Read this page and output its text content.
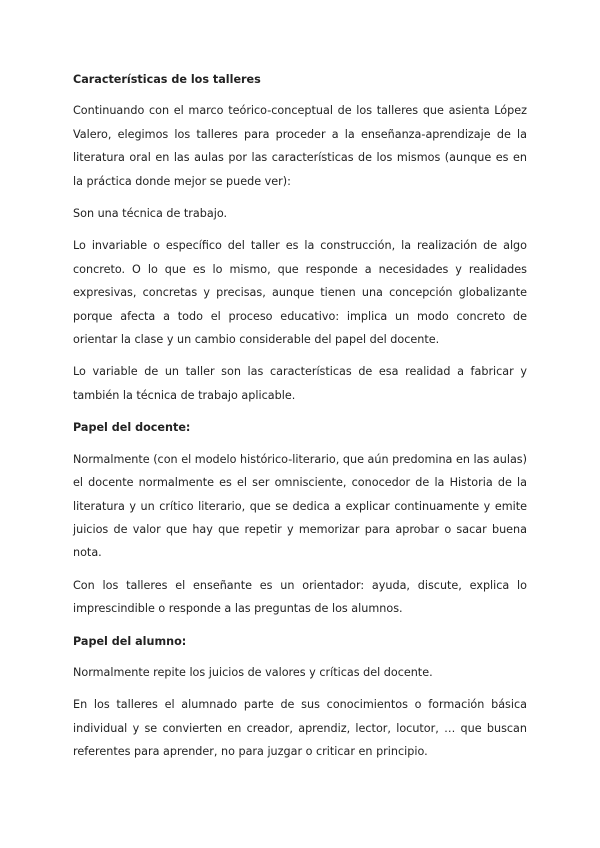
Características de los talleres

Continuando con el marco teórico-conceptual de los talleres que asienta López Valero, elegimos los talleres para proceder a la enseñanza-aprendizaje de la literatura oral en las aulas por las características de los mismos (aunque es en la práctica donde mejor se puede ver):

Son una técnica de trabajo.

Lo invariable o específico del taller es la construcción, la realización de algo concreto. O lo que es lo mismo, que responde a necesidades y realidades expresivas, concretas y precisas, aunque tienen una concepción globalizante porque afecta a todo el proceso educativo: implica un modo concreto de orientar la clase y un cambio considerable del papel del docente.

Lo variable de un taller son las características de esa realidad a fabricar y también la técnica de trabajo aplicable.

Papel del docente:

Normalmente (con el modelo histórico-literario, que aún predomina en las aulas) el docente normalmente es el ser omnisciente, conocedor de la Historia de la literatura y un crítico literario, que se dedica a explicar continuamente y emite juicios de valor que hay que repetir y memorizar para aprobar o sacar buena nota.

Con los talleres el enseñante es un orientador: ayuda, discute, explica lo imprescindible o responde a las preguntas de los alumnos.

Papel del alumno:

Normalmente repite los juicios de valores y críticas del docente.

En los talleres el alumnado parte de sus conocimientos o formación básica individual y se convierten en creador, aprendiz, lector, locutor, … que buscan referentes para aprender, no para juzgar o criticar en principio.
